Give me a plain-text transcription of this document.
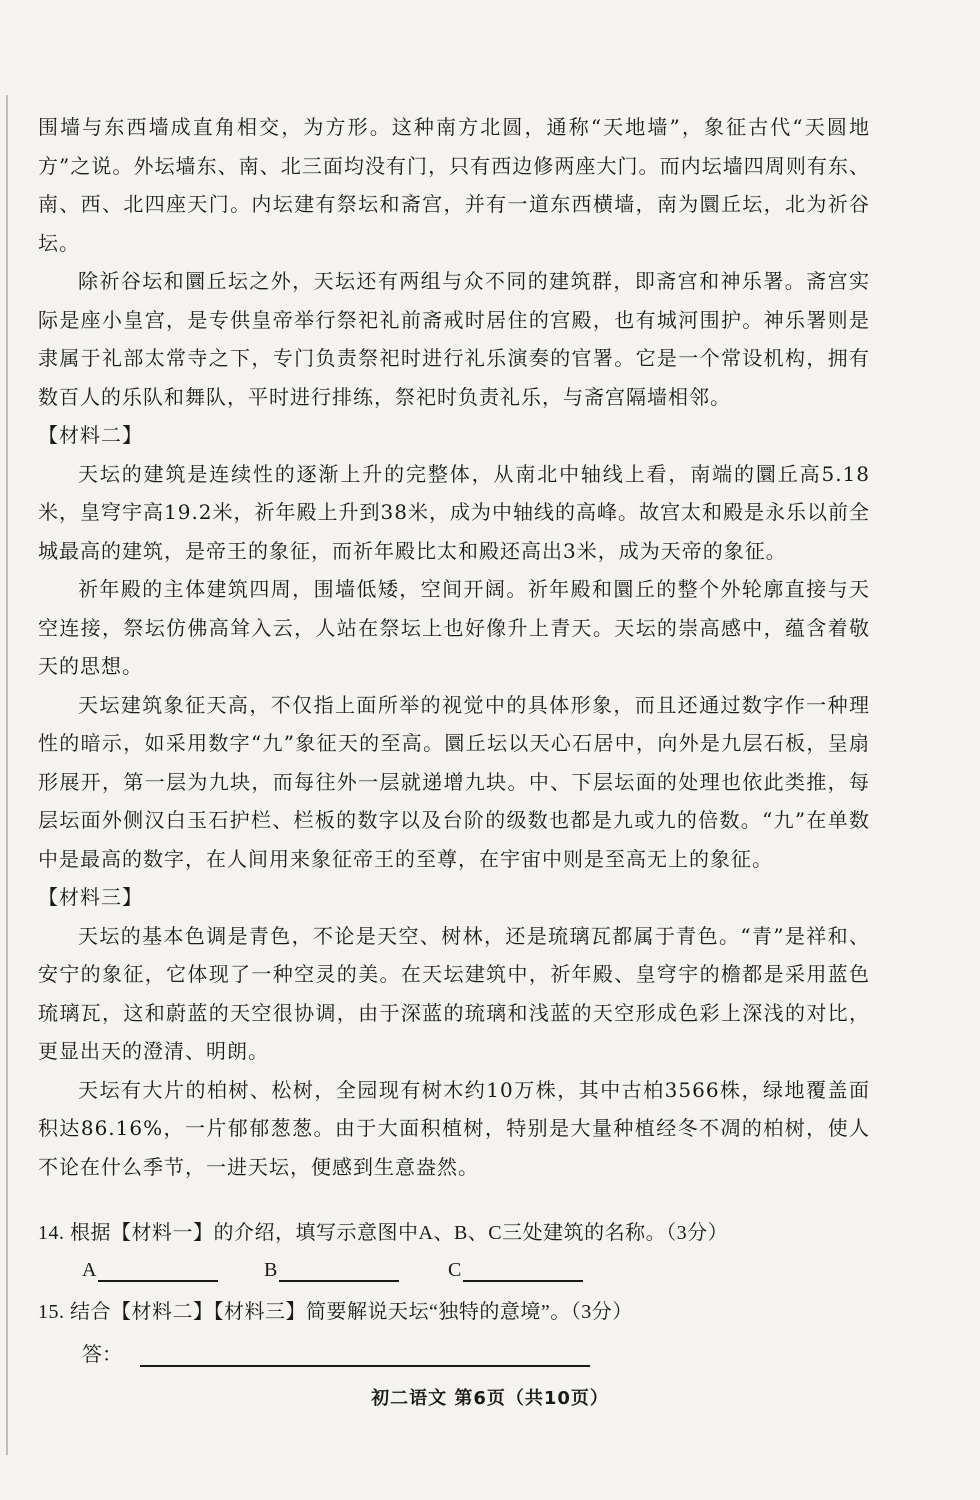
围墙与东西墙成直角相交，为方形。这种南方北圆，通称“天地墙”，象征古代“天圆地方”之说。外坛墙东、南、北三面均没有门，只有西边修两座大门。而内坛墙四周则有东、南、西、北四座天门。内坛建有祭坛和斋宫，并有一道东西横墙，南为圜丘坛，北为祈谷坛。

除祈谷坛和圜丘坛之外，天坛还有两组与众不同的建筑群，即斋宫和神乐署。斋宫实际是座小皇宫，是专供皇帝举行祭祀礼前斋戒时居住的宫殿，也有城河围护。神乐署则是隶属于礼部太常寺之下，专门负责祭祀时进行礼乐演奏的官署。它是一个常设机构，拥有数百人的乐队和舞队，平时进行排练，祭祀时负责礼乐，与斋宫隔墙相邻。

【材料二】

天坛的建筑是连续性的逐渐上升的完整体，从南北中轴线上看，南端的圜丘高5.18米，皇穹宇高19.2米，祈年殿上升到38米，成为中轴线的高峰。故宫太和殿是永乐以前全城最高的建筑，是帝王的象征，而祈年殿比太和殿还高出3米，成为天帝的象征。

祈年殿的主体建筑四周，围墙低矮，空间开阔。祈年殿和圜丘的整个外轮廓直接与天空连接，祭坛仿佛高耸入云，人站在祭坛上也好像升上青天。天坛的崇高感中，蕴含着敬天的思想。

天坛建筑象征天高，不仅指上面所举的视觉中的具体形象，而且还通过数字作一种理性的暗示，如采用数字“九”象征天的至高。圜丘坛以天心石居中，向外是九层石板，呈扇形展开，第一层为九块，而每往外一层就递增九块。中、下层坛面的处理也依此类推，每层坛面外侧汉白玉石护栏、栏板的数字以及台阶的级数也都是九或九的倍数。“九”在单数中是最高的数字，在人间用来象征帝王的至尊，在宇宙中则是至高无上的象征。

【材料三】

天坛的基本色调是青色，不论是天空、树林，还是琉璃瓦都属于青色。“青”是祥和、安宁的象征，它体现了一种空灵的美。在天坛建筑中，祈年殿、皇穹宇的檐都是采用蓝色琉璃瓦，这和蔚蓝的天空很协调，由于深蓝的琉璃和浅蓝的天空形成色彩上深浅的对比，更显出天的澄清、明朗。

天坛有大片的柏树、松树，全园现有树木约10万株，其中古柏3566株，绿地覆盖面积达86.16%，一片郁郁葱葱。由于大面积植树，特别是大量种植经冬不凋的柏树，使人不论在什么季节，一进天坛，便感到生意盎然。

14. 根据【材料一】的介绍，填写示意图中A、B、C三处建筑的名称。（3分）
A	B	C
15. 结合【材料二】【材料三】简要解说天坛“独特的意境”。（3分）
答：
初二语文 第6页（共10页）
